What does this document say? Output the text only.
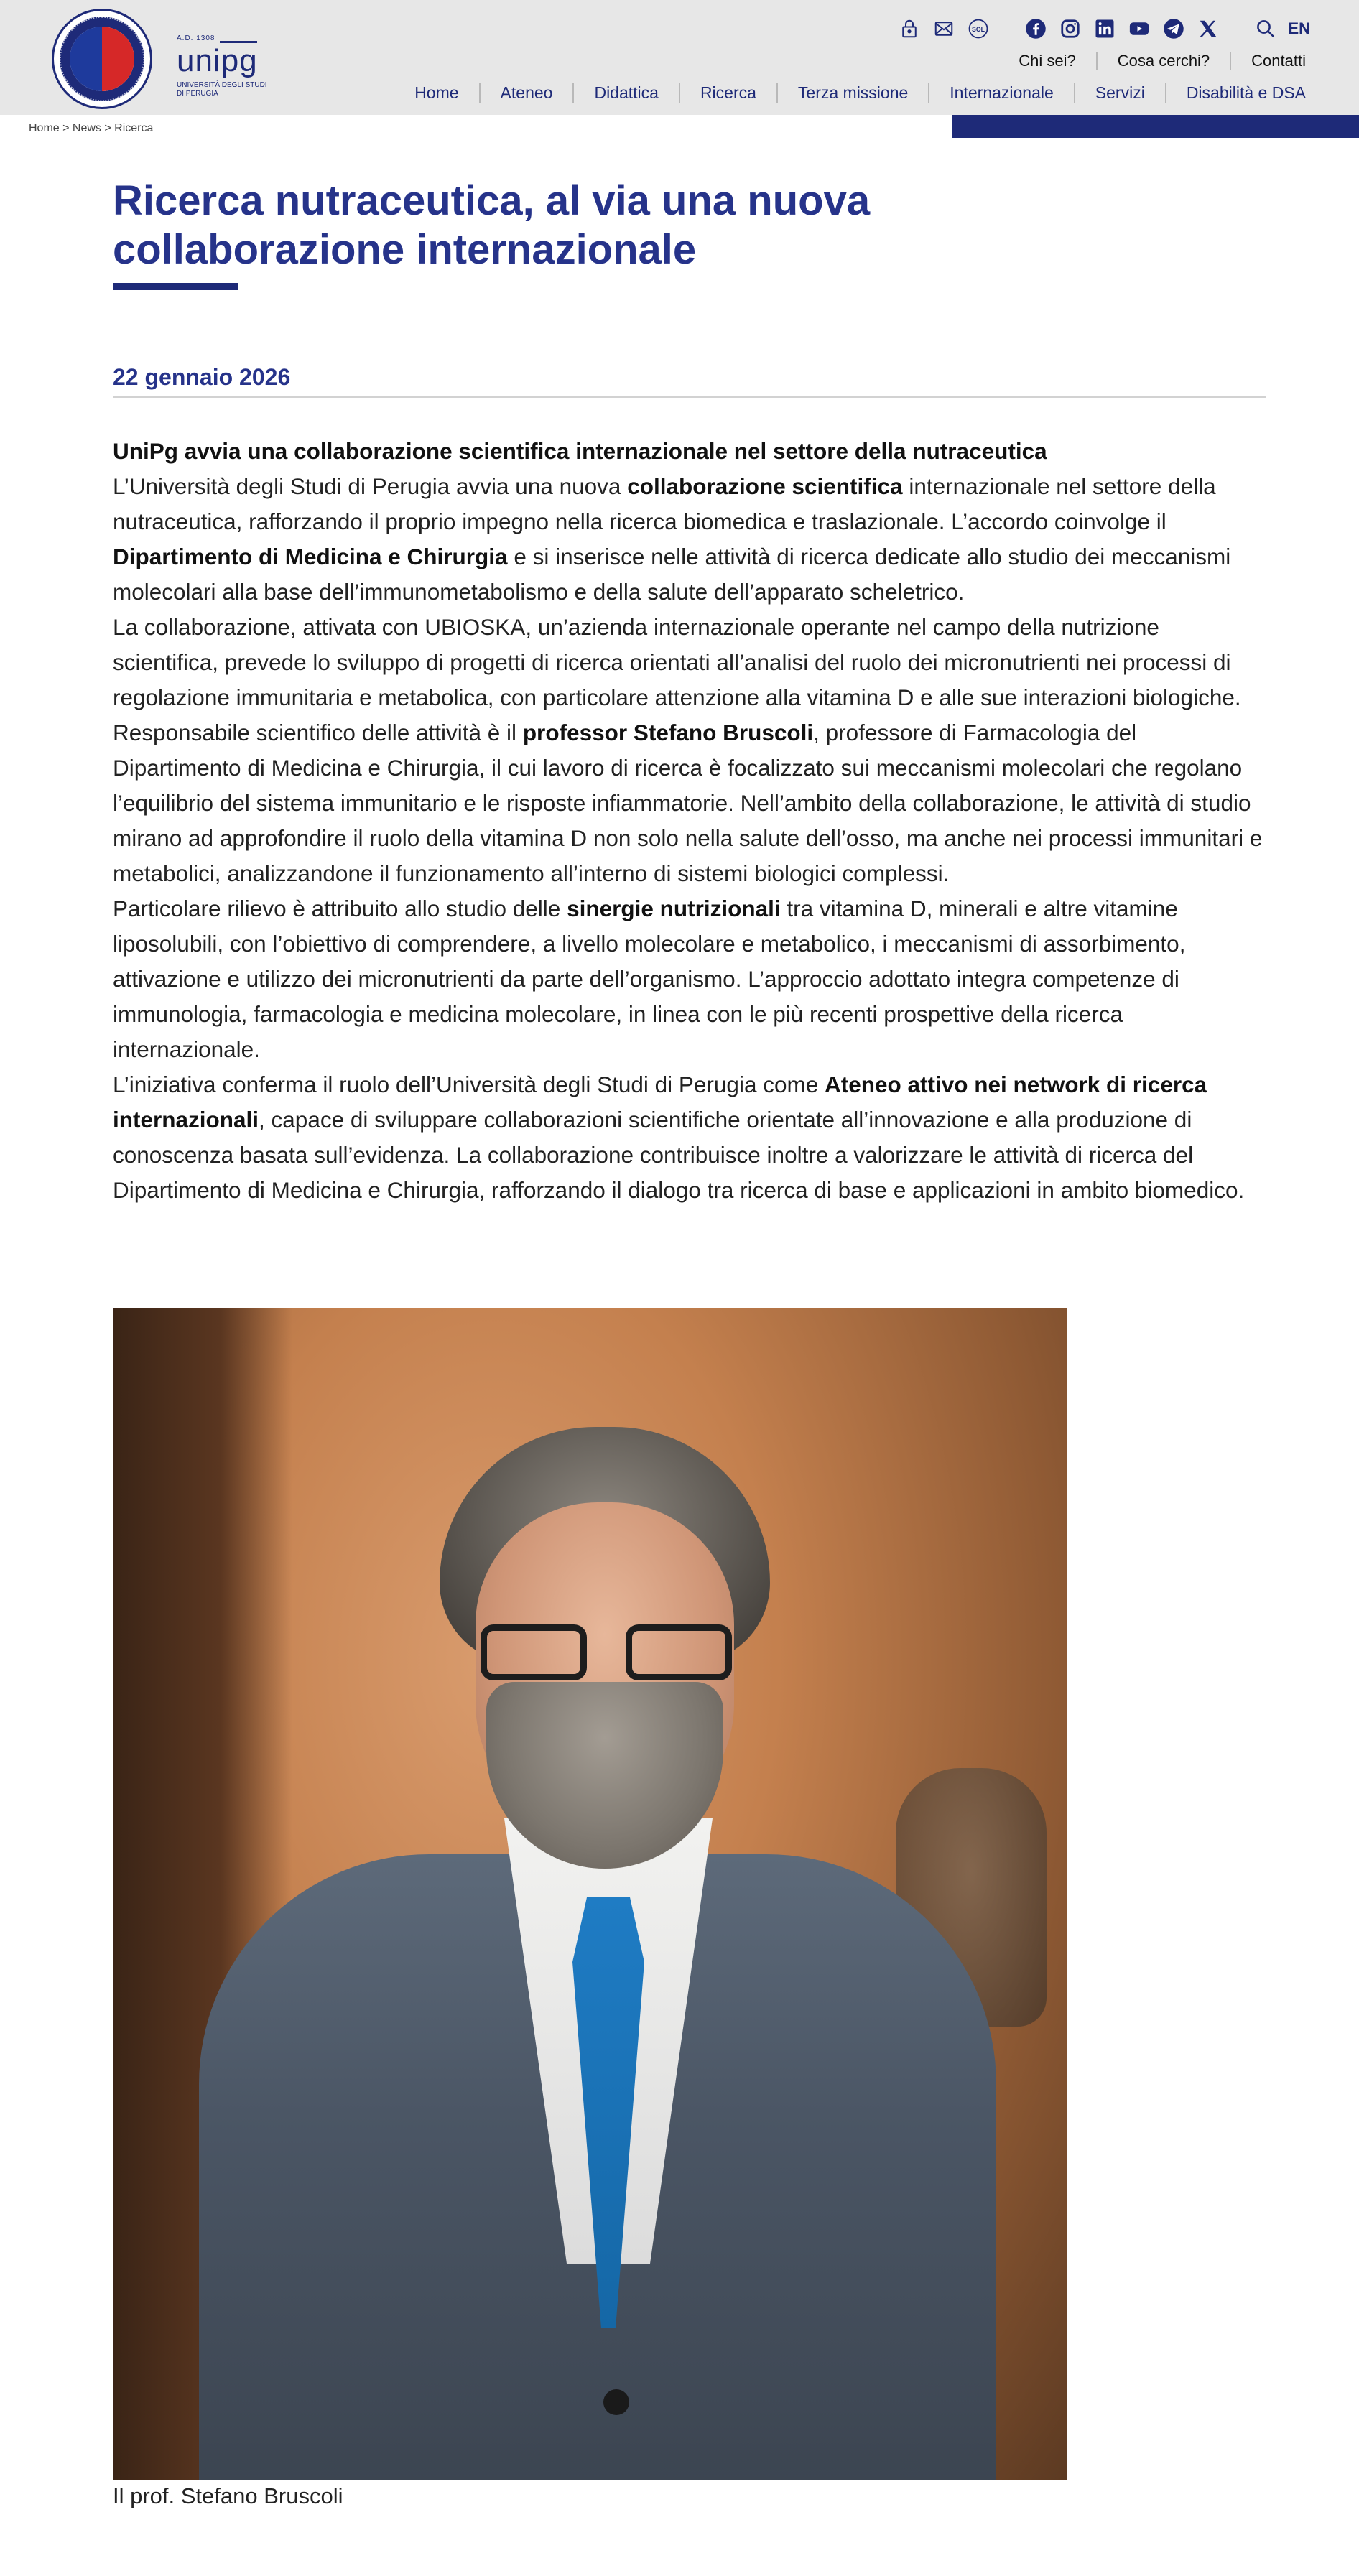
A.D. 1308
unipg
UNIVERSITÀ DEGLI STUDI
DI PERUGIA
SOL	EN
Chi sei?	Cosa cerchi?	Contatti
Home	Ateneo	Didattica	Ricerca	Terza missione	Internazionale	Servizi	Disabilità e DSA
Home > News > Ricerca
Ricerca nutraceutica, al via una nuova collaborazione internazionale
22 gennaio 2026

UniPg avvia una collaborazione scientifica internazionale nel settore della nutraceutica

L’Università degli Studi di Perugia avvia una nuova collaborazione scientifica internazionale nel settore della nutraceutica, rafforzando il proprio impegno nella ricerca biomedica e traslazionale. L’accordo coinvolge il Dipartimento di Medicina e Chirurgia e si inserisce nelle attività di ricerca dedicate allo studio dei meccanismi molecolari alla base dell’immunometabolismo e della salute dell’apparato scheletrico.

La collaborazione, attivata con UBIOSKA, un’azienda internazionale operante nel campo della nutrizione scientifica, prevede lo sviluppo di progetti di ricerca orientati all’analisi del ruolo dei micronutrienti nei processi di regolazione immunitaria e metabolica, con particolare attenzione alla vitamina D e alle sue interazioni biologiche.

Responsabile scientifico delle attività è il professor Stefano Bruscoli, professore di Farmacologia del Dipartimento di Medicina e Chirurgia, il cui lavoro di ricerca è focalizzato sui meccanismi molecolari che regolano l’equilibrio del sistema immunitario e le risposte infiammatorie. Nell’ambito della collaborazione, le attività di studio mirano ad approfondire il ruolo della vitamina D non solo nella salute dell’osso, ma anche nei processi immunitari e metabolici, analizzandone il funzionamento all’interno di sistemi biologici complessi.

Particolare rilievo è attribuito allo studio delle sinergie nutrizionali tra vitamina D, minerali e altre vitamine liposolubili, con l’obiettivo di comprendere, a livello molecolare e metabolico, i meccanismi di assorbimento, attivazione e utilizzo dei micronutrienti da parte dell’organismo. L’approccio adottato integra competenze di immunologia, farmacologia e medicina molecolare, in linea con le più recenti prospettive della ricerca internazionale.

L’iniziativa conferma il ruolo dell’Università degli Studi di Perugia come Ateneo attivo nei network di ricerca internazionali, capace di sviluppare collaborazioni scientifiche orientate all’innovazione e alla produzione di conoscenza basata sull’evidenza. La collaborazione contribuisce inoltre a valorizzare le attività di ricerca del Dipartimento di Medicina e Chirurgia, rafforzando il dialogo tra ricerca di base e applicazioni in ambito biomedico.

Il prof. Stefano Bruscoli
